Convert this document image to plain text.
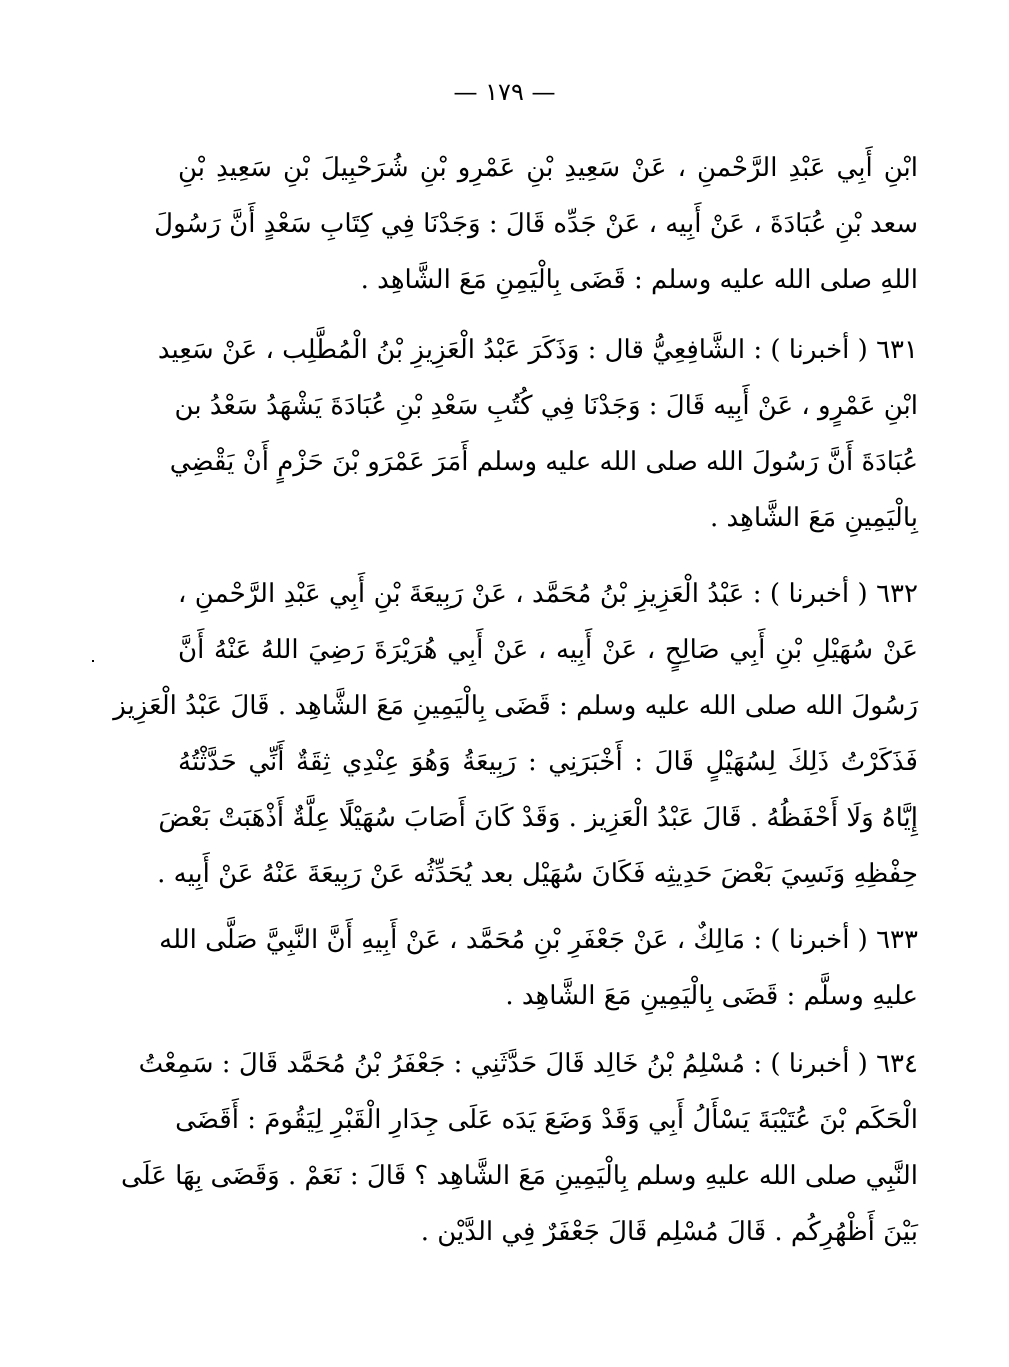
— ١٧٩ —
ابْنِ أَبِي عَبْدِ الرَّحْمنِ ، عَنْ سَعِيدِ بْنِ عَمْرِو بْنِ شُرَحْبِيلَ بْنِ سَعِيدِ بْنِ
سعد بْنِ عُبَادَةَ ، عَنْ أَبِيه ، عَنْ جَدِّه قَالَ : وَجَدْنَا فِي كِتَابِ سَعْدٍ أَنَّ رَسُولَ
اللهِ صلى الله عليه وسلم : قَضَى بِالْيَمِنِ مَعَ الشَّاهِد .
٦٣١ ( أخبرنا ) : الشَّافِعِيُّ قال : وَذَكَرَ عَبْدُ الْعَزِيزِ بْنُ الْمُطَّلِب ، عَنْ سَعِيد
ابْنِ عَمْرٍو ، عَنْ أَبِيه قَالَ : وَجَدْنَا فِي كُتُبِ سَعْدِ بْنِ عُبَادَةَ يَشْهَدُ سَعْدُ بن
عُبَادَةَ أَنَّ رَسُولَ الله صلى الله عليه وسلم أَمَرَ عَمْرَو بْنَ حَزْمٍ أَنْ يَقْضِي
بِالْيَمِينِ مَعَ الشَّاهِد .
٦٣٢ ( أخبرنا ) : عَبْدُ الْعَزِيزِ بْنُ مُحَمَّد ، عَنْ رَبِيعَةَ بْنِ أَبِي عَبْدِ الرَّحْمنِ ،
عَنْ سُهَيْلِ بْنِ أَبِي صَالِحٍ ، عَنْ أَبِيه ، عَنْ أَبِي هُرَيْرَةَ رَضِيَ اللهُ عَنْهُ أَنَّ
رَسُولَ الله صلى الله عليه وسلم : قَضَى بِالْيَمِينِ مَعَ الشَّاهِد . قَالَ عَبْدُ الْعَزِيز
فَذَكَرْتُ ذَلِكَ لِسُهَيْلٍ قَالَ : أَخْبَرَنِي : رَبِيعَةُ وَهُوَ عِنْدِي ثِقَةٌ أَنِّي حَدَّثْتُهُ
إِيَّاهُ وَلَا أَحْفَظُهُ . قَالَ عَبْدُ الْعَزِيز . وَقَدْ كَانَ أَصَابَ سُهَيْلًا عِلَّةٌ أَذْهَبَتْ بَعْضَ
حِفْظِهِ وَنَسِيَ بَعْضَ حَدِيثِه فَكَانَ سُهَيْل بعد يُحَدِّثُه عَنْ رَبِيعَةَ عَنْهُ عَنْ أَبِيه .
٦٣٣ ( أخبرنا ) : مَالِكٌ ، عَنْ جَعْفَرِ بْنِ مُحَمَّد ، عَنْ أَبِيهِ أَنَّ النَّبِيَّ صَلَّى الله
عليهِ وسلَّم : قَضَى بِالْيَمِينِ مَعَ الشَّاهِد .
٦٣٤ ( أخبرنا ) : مُسْلِمُ بْنُ خَالِد قَالَ حَدَّثَنِي : جَعْفَرُ بْنُ مُحَمَّد قَالَ : سَمِعْتُ
الْحَكَم بْنَ عُتَيْبَةَ يَسْأَلُ أَبِي وَقَدْ وَضَعَ يَدَه عَلَى جِدَارِ الْقَبْرِ لِيَقُومَ : أَقَضَى
النَّبِي صلى الله عليهِ وسلم بِالْيَمِينِ مَعَ الشَّاهِد ؟ قَالَ : نَعَمْ . وَقَضَى بِهَا عَلَى
بَيْنَ أَظْهُرِكُم . قَالَ مُسْلِم قَالَ جَعْفَرٌ فِي الدَّيْن .
